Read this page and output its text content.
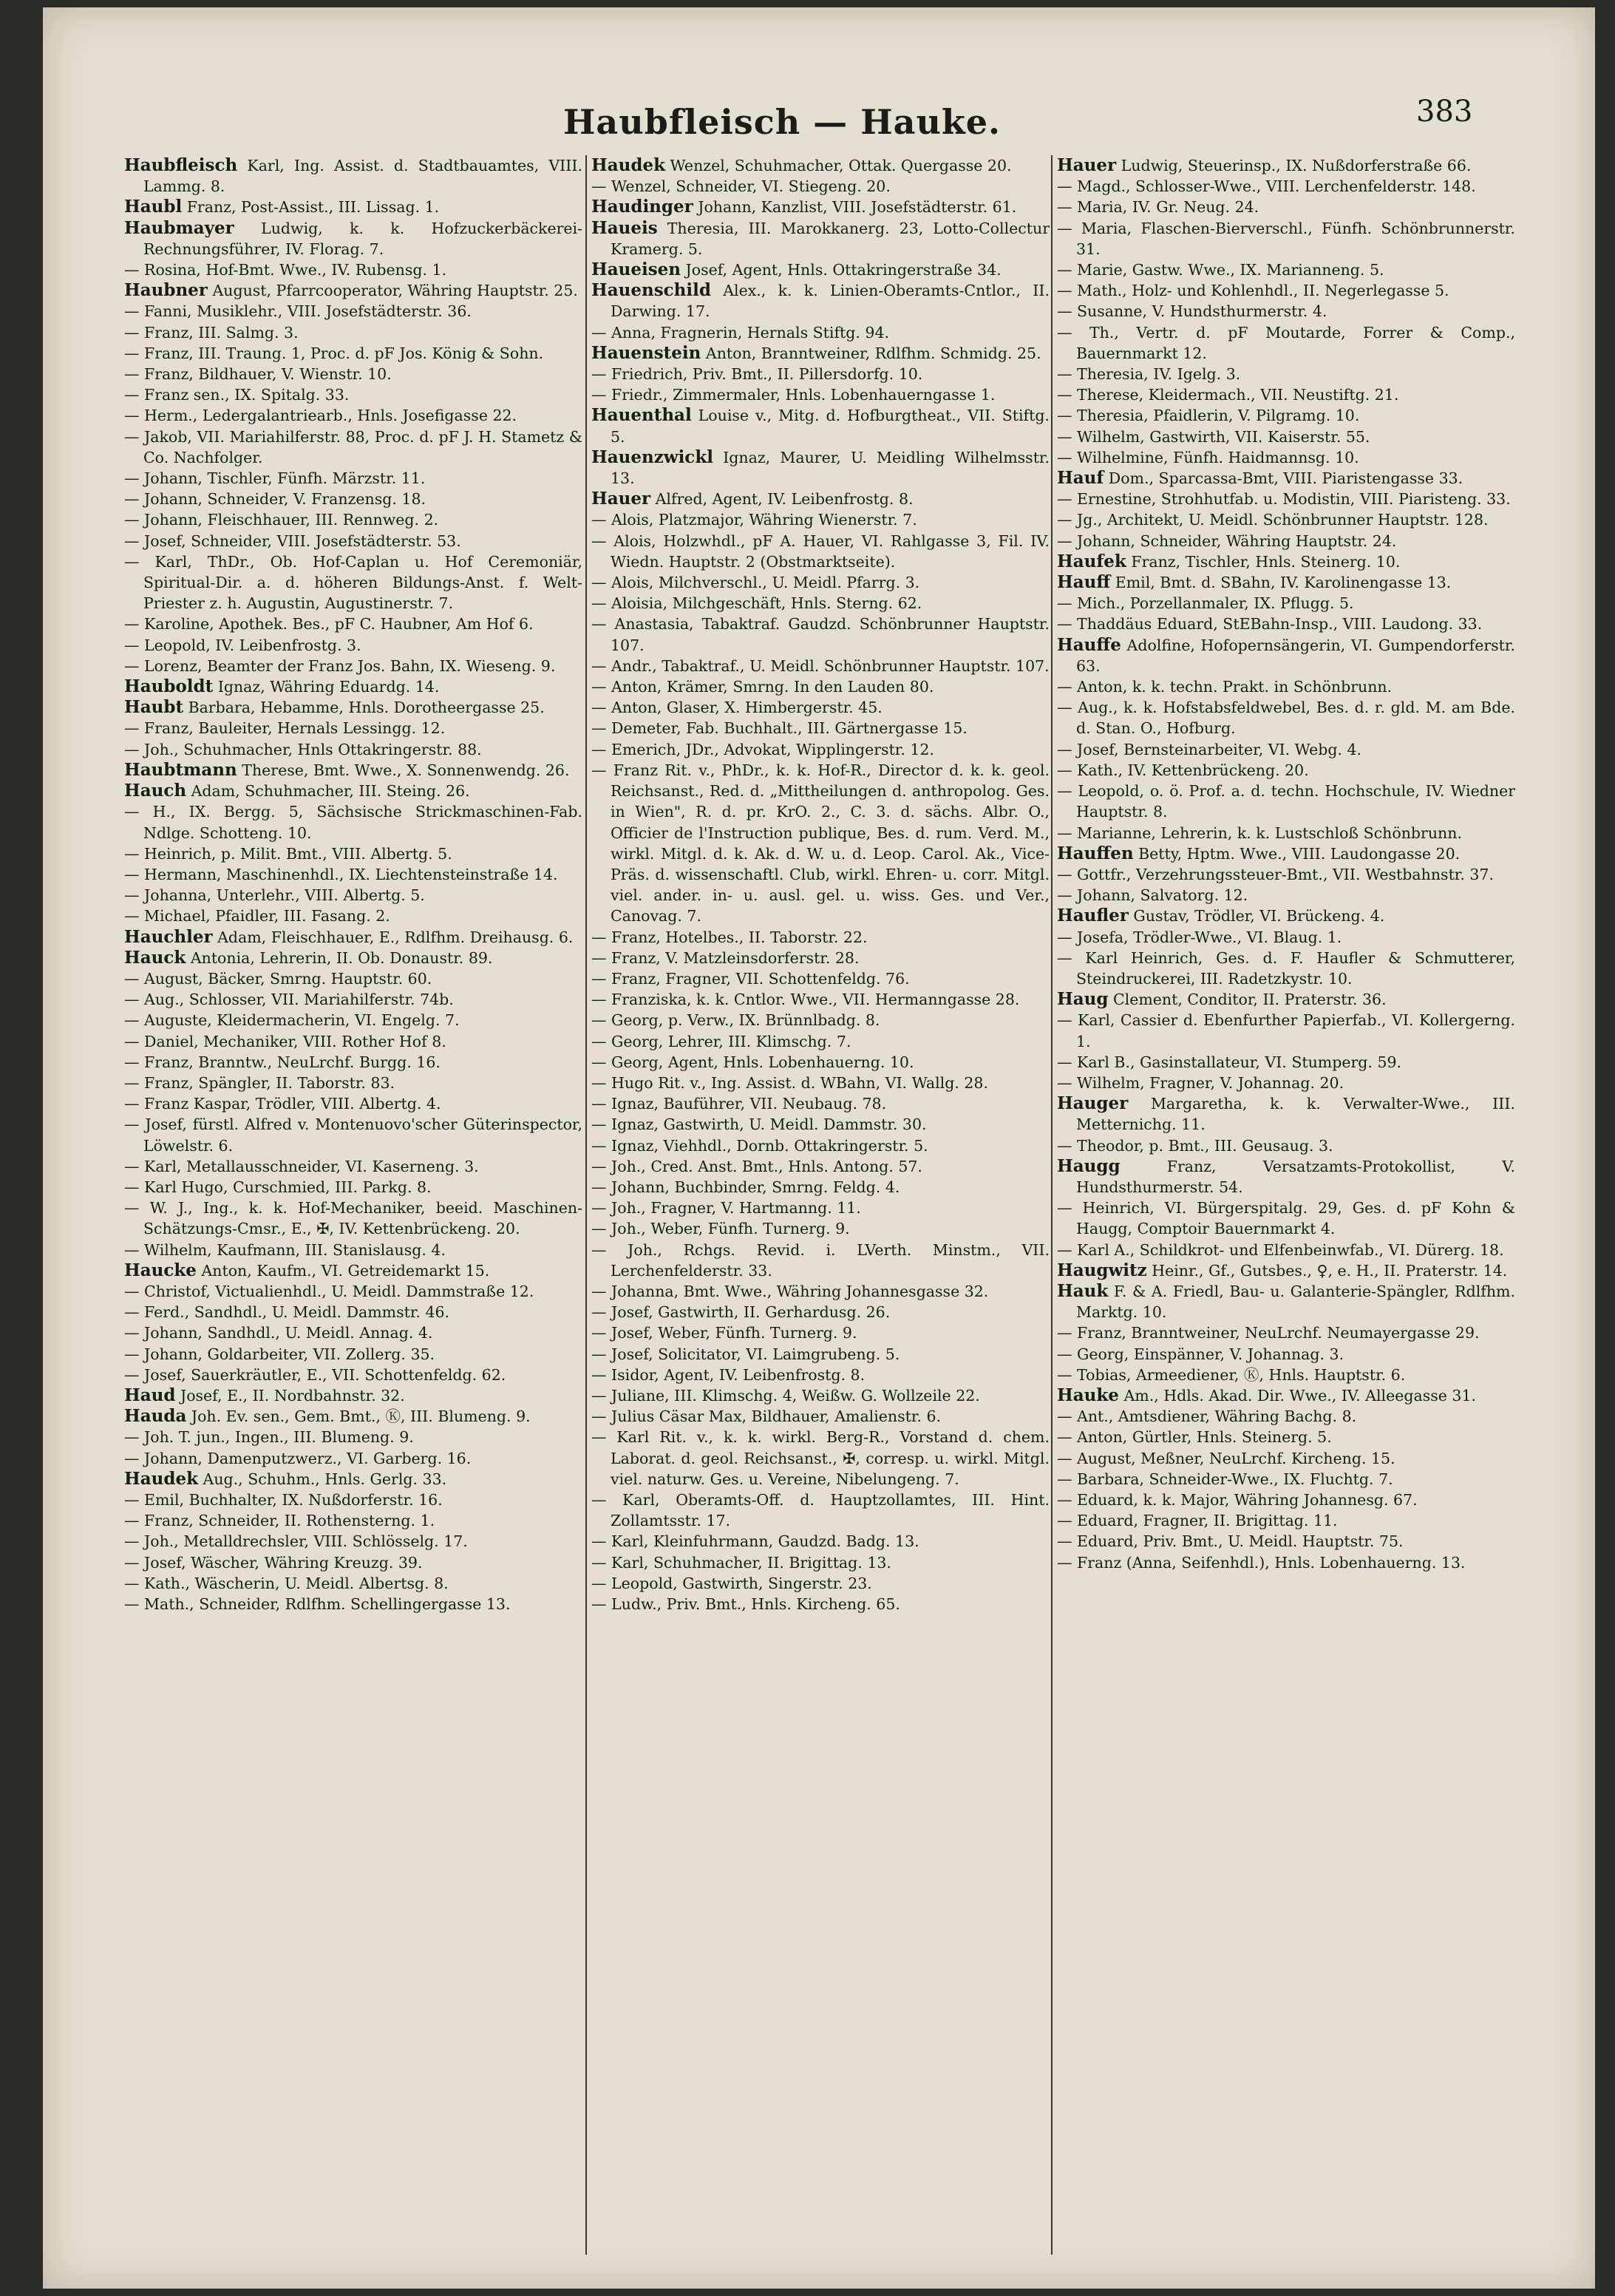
Haubfleisch — Hauke.	383

Haubfleisch Karl, Ing. Assist. d. Stadtbauamtes, VIII. Lammg. 8.

Haubl Franz, Post-Assist., III. Lissag. 1.

Haubmayer Ludwig, k. k. Hofzuckerbäckerei-Rechnungsführer, IV. Florag. 7.

— Rosina, Hof-Bmt. Wwe., IV. Rubensg. 1.

Haubner August, Pfarrcooperator, Währing Hauptstr. 25.

— Fanni, Musiklehr., VIII. Josefstädterstr. 36.

— Franz, III. Salmg. 3.

— Franz, III. Traung. 1, Proc. d. pF Jos. König & Sohn.

— Franz, Bildhauer, V. Wienstr. 10.

— Franz sen., IX. Spitalg. 33.

— Herm., Ledergalantriearb., Hnls. Josefigasse 22.

— Jakob, VII. Mariahilferstr. 88, Proc. d. pF J. H. Stametz & Co. Nachfolger.

— Johann, Tischler, Fünfh. Märzstr. 11.

— Johann, Schneider, V. Franzensg. 18.

— Johann, Fleischhauer, III. Rennweg. 2.

— Josef, Schneider, VIII. Josefstädterstr. 53.

— Karl, ThDr., Ob. Hof-Caplan u. Hof Ceremoniär, Spiritual-Dir. a. d. höheren Bildungs-Anst. f. Welt-Priester z. h. Augustin, Augustinerstr. 7.

— Karoline, Apothek. Bes., pF C. Haubner, Am Hof 6.

— Leopold, IV. Leibenfrostg. 3.

— Lorenz, Beamter der Franz Jos. Bahn, IX. Wieseng. 9.

Hauboldt Ignaz, Währing Eduardg. 14.

Haubt Barbara, Hebamme, Hnls. Dorotheergasse 25.

— Franz, Bauleiter, Hernals Lessingg. 12.

— Joh., Schuhmacher, Hnls Ottakringerstr. 88.

Haubtmann Therese, Bmt. Wwe., X. Sonnenwendg. 26.

Hauch Adam, Schuhmacher, III. Steing. 26.

— H., IX. Bergg. 5, Sächsische Strickmaschinen-Fab. Ndlge. Schotteng. 10.

— Heinrich, p. Milit. Bmt., VIII. Albertg. 5.

— Hermann, Maschinenhdl., IX. Liechtensteinstraße 14.

— Johanna, Unterlehr., VIII. Albertg. 5.

— Michael, Pfaidler, III. Fasang. 2.

Hauchler Adam, Fleischhauer, E., Rdlfhm. Dreihausg. 6.

Hauck Antonia, Lehrerin, II. Ob. Donaustr. 89.

— August, Bäcker, Smrng. Hauptstr. 60.

— Aug., Schlosser, VII. Mariahilferstr. 74b.

— Auguste, Kleidermacherin, VI. Engelg. 7.

— Daniel, Mechaniker, VIII. Rother Hof 8.

— Franz, Branntw., NeuLrchf. Burgg. 16.

— Franz, Spängler, II. Taborstr. 83.

— Franz Kaspar, Trödler, VIII. Albertg. 4.

— Josef, fürstl. Alfred v. Montenuovo'scher Güterinspector, Löwelstr. 6.

— Karl, Metallausschneider, VI. Kaserneng. 3.

— Karl Hugo, Curschmied, III. Parkg. 8.

— W. J., Ing., k. k. Hof-Mechaniker, beeid. Maschinen-Schätzungs-Cmsr., E., ✠, IV. Kettenbrückeng. 20.

— Wilhelm, Kaufmann, III. Stanislausg. 4.

Haucke Anton, Kaufm., VI. Getreidemarkt 15.

— Christof, Victualienhdl., U. Meidl. Dammstraße 12.

— Ferd., Sandhdl., U. Meidl. Dammstr. 46.

— Johann, Sandhdl., U. Meidl. Annag. 4.

— Johann, Goldarbeiter, VII. Zollerg. 35.

— Josef, Sauerkräutler, E., VII. Schottenfeldg. 62.

Haud Josef, E., II. Nordbahnstr. 32.

Hauda Joh. Ev. sen., Gem. Bmt., Ⓚ, III. Blumeng. 9.

— Joh. T. jun., Ingen., III. Blumeng. 9.

— Johann, Damenputzwerz., VI. Garberg. 16.

Haudek Aug., Schuhm., Hnls. Gerlg. 33.

— Emil, Buchhalter, IX. Nußdorferstr. 16.

— Franz, Schneider, II. Rothensterng. 1.

— Joh., Metalldrechsler, VIII. Schlösselg. 17.

— Josef, Wäscher, Währing Kreuzg. 39.

— Kath., Wäscherin, U. Meidl. Albertsg. 8.

— Math., Schneider, Rdlfhm. Schellingergasse 13.

Haudek Wenzel, Schuhmacher, Ottak. Quergasse 20.

— Wenzel, Schneider, VI. Stiegeng. 20.

Haudinger Johann, Kanzlist, VIII. Josefstädterstr. 61.

Haueis Theresia, III. Marokkanerg. 23, Lotto-Collectur Kramerg. 5.

Haueisen Josef, Agent, Hnls. Ottakringerstraße 34.

Hauenschild Alex., k. k. Linien-Oberamts-Cntlor., II. Darwing. 17.

— Anna, Fragnerin, Hernals Stiftg. 94.

Hauenstein Anton, Branntweiner, Rdlfhm. Schmidg. 25.

— Friedrich, Priv. Bmt., II. Pillersdorfg. 10.

— Friedr., Zimmermaler, Hnls. Lobenhauerngasse 1.

Hauenthal Louise v., Mitg. d. Hofburgtheat., VII. Stiftg. 5.

Hauenzwickl Ignaz, Maurer, U. Meidling Wilhelmsstr. 13.

Hauer Alfred, Agent, IV. Leibenfrostg. 8.

— Alois, Platzmajor, Währing Wienerstr. 7.

— Alois, Holzwhdl., pF A. Hauer, VI. Rahlgasse 3, Fil. IV. Wiedn. Hauptstr. 2 (Obstmarktseite).

— Alois, Milchverschl., U. Meidl. Pfarrg. 3.

— Aloisia, Milchgeschäft, Hnls. Sterng. 62.

— Anastasia, Tabaktraf. Gaudzd. Schönbrunner Hauptstr. 107.

— Andr., Tabaktraf., U. Meidl. Schönbrunner Hauptstr. 107.

— Anton, Krämer, Smrng. In den Lauden 80.

— Anton, Glaser, X. Himbergerstr. 45.

— Demeter, Fab. Buchhalt., III. Gärtnergasse 15.

— Emerich, JDr., Advokat, Wipplingerstr. 12.

— Franz Rit. v., PhDr., k. k. Hof-R., Director d. k. k. geol. Reichsanst., Red. d. „Mittheilungen d. anthropolog. Ges. in Wien", R. d. pr. KrO. 2., C. 3. d. sächs. Albr. O., Officier de l'Instruction publique, Bes. d. rum. Verd. M., wirkl. Mitgl. d. k. Ak. d. W. u. d. Leop. Carol. Ak., Vice-Präs. d. wissenschaftl. Club, wirkl. Ehren- u. corr. Mitgl. viel. ander. in- u. ausl. gel. u. wiss. Ges. und Ver., Canovag. 7.

— Franz, Hotelbes., II. Taborstr. 22.

— Franz, V. Matzleinsdorferstr. 28.

— Franz, Fragner, VII. Schottenfeldg. 76.

— Franziska, k. k. Cntlor. Wwe., VII. Hermanngasse 28.

— Georg, p. Verw., IX. Brünnlbadg. 8.

— Georg, Lehrer, III. Klimschg. 7.

— Georg, Agent, Hnls. Lobenhauerng. 10.

— Hugo Rit. v., Ing. Assist. d. WBahn, VI. Wallg. 28.

— Ignaz, Bauführer, VII. Neubaug. 78.

— Ignaz, Gastwirth, U. Meidl. Dammstr. 30.

— Ignaz, Viehhdl., Dornb. Ottakringerstr. 5.

— Joh., Cred. Anst. Bmt., Hnls. Antong. 57.

— Johann, Buchbinder, Smrng. Feldg. 4.

— Joh., Fragner, V. Hartmanng. 11.

— Joh., Weber, Fünfh. Turnerg. 9.

— Joh., Rchgs. Revid. i. LVerth. Minstm., VII. Lerchenfelderstr. 33.

— Johanna, Bmt. Wwe., Währing Johannesgasse 32.

— Josef, Gastwirth, II. Gerhardusg. 26.

— Josef, Weber, Fünfh. Turnerg. 9.

— Josef, Solicitator, VI. Laimgrubeng. 5.

— Isidor, Agent, IV. Leibenfrostg. 8.

— Juliane, III. Klimschg. 4, Weißw. G. Wollzeile 22.

— Julius Cäsar Max, Bildhauer, Amalienstr. 6.

— Karl Rit. v., k. k. wirkl. Berg-R., Vorstand d. chem. Laborat. d. geol. Reichsanst., ✠, corresp. u. wirkl. Mitgl. viel. naturw. Ges. u. Vereine, Nibelungeng. 7.

— Karl, Oberamts-Off. d. Hauptzollamtes, III. Hint. Zollamtsstr. 17.

— Karl, Kleinfuhrmann, Gaudzd. Badg. 13.

— Karl, Schuhmacher, II. Brigittag. 13.

— Leopold, Gastwirth, Singerstr. 23.

— Ludw., Priv. Bmt., Hnls. Kircheng. 65.

Hauer Ludwig, Steuerinsp., IX. Nußdorferstraße 66.

— Magd., Schlosser-Wwe., VIII. Lerchenfelderstr. 148.

— Maria, IV. Gr. Neug. 24.

— Maria, Flaschen-Bierverschl., Fünfh. Schönbrunnerstr. 31.

— Marie, Gastw. Wwe., IX. Marianneng. 5.

— Math., Holz- und Kohlenhdl., II. Negerlegasse 5.

— Susanne, V. Hundsthurmerstr. 4.

— Th., Vertr. d. pF Moutarde, Forrer & Comp., Bauernmarkt 12.

— Theresia, IV. Igelg. 3.

— Therese, Kleidermach., VII. Neustiftg. 21.

— Theresia, Pfaidlerin, V. Pilgramg. 10.

— Wilhelm, Gastwirth, VII. Kaiserstr. 55.

— Wilhelmine, Fünfh. Haidmannsg. 10.

Hauf Dom., Sparcassa-Bmt, VIII. Piaristengasse 33.

— Ernestine, Strohhutfab. u. Modistin, VIII. Piaristeng. 33.

— Jg., Architekt, U. Meidl. Schönbrunner Hauptstr. 128.

— Johann, Schneider, Währing Hauptstr. 24.

Haufek Franz, Tischler, Hnls. Steinerg. 10.

Hauff Emil, Bmt. d. SBahn, IV. Karolinengasse 13.

— Mich., Porzellanmaler, IX. Pflugg. 5.

— Thaddäus Eduard, StEBahn-Insp., VIII. Laudong. 33.

Hauffe Adolfine, Hofopernsängerin, VI. Gumpendorferstr. 63.

— Anton, k. k. techn. Prakt. in Schönbrunn.

— Aug., k. k. Hofstabsfeldwebel, Bes. d. r. gld. M. am Bde. d. Stan. O., Hofburg.

— Josef, Bernsteinarbeiter, VI. Webg. 4.

— Kath., IV. Kettenbrückeng. 20.

— Leopold, o. ö. Prof. a. d. techn. Hochschule, IV. Wiedner Hauptstr. 8.

— Marianne, Lehrerin, k. k. Lustschloß Schönbrunn.

Hauffen Betty, Hptm. Wwe., VIII. Laudongasse 20.

— Gottfr., Verzehrungssteuer-Bmt., VII. Westbahnstr. 37.

— Johann, Salvatorg. 12.

Haufler Gustav, Trödler, VI. Brückeng. 4.

— Josefa, Trödler-Wwe., VI. Blaug. 1.

— Karl Heinrich, Ges. d. F. Haufler & Schmutterer, Steindruckerei, III. Radetzkystr. 10.

Haug Clement, Conditor, II. Praterstr. 36.

— Karl, Cassier d. Ebenfurther Papierfab., VI. Kollergerng. 1.

— Karl B., Gasinstallateur, VI. Stumperg. 59.

— Wilhelm, Fragner, V. Johannag. 20.

Hauger Margaretha, k. k. Verwalter-Wwe., III. Metternichg. 11.

— Theodor, p. Bmt., III. Geusaug. 3.

Haugg Franz, Versatzamts-Protokollist, V. Hundsthurmerstr. 54.

— Heinrich, VI. Bürgerspitalg. 29, Ges. d. pF Kohn & Haugg, Comptoir Bauernmarkt 4.

— Karl A., Schildkrot- und Elfenbeinwfab., VI. Dürerg. 18.

Haugwitz Heinr., Gf., Gutsbes., ♀, e. H., II. Praterstr. 14.

Hauk F. & A. Friedl, Bau- u. Galanterie-Spängler, Rdlfhm. Marktg. 10.

— Franz, Branntweiner, NeuLrchf. Neumayergasse 29.

— Georg, Einspänner, V. Johannag. 3.

— Tobias, Armeediener, Ⓚ, Hnls. Hauptstr. 6.

Hauke Am., Hdls. Akad. Dir. Wwe., IV. Alleegasse 31.

— Ant., Amtsdiener, Währing Bachg. 8.

— Anton, Gürtler, Hnls. Steinerg. 5.

— August, Meßner, NeuLrchf. Kircheng. 15.

— Barbara, Schneider-Wwe., IX. Fluchtg. 7.

— Eduard, k. k. Major, Währing Johannesg. 67.

— Eduard, Fragner, II. Brigittag. 11.

— Eduard, Priv. Bmt., U. Meidl. Hauptstr. 75.

— Franz (Anna, Seifenhdl.), Hnls. Lobenhauerng. 13.
